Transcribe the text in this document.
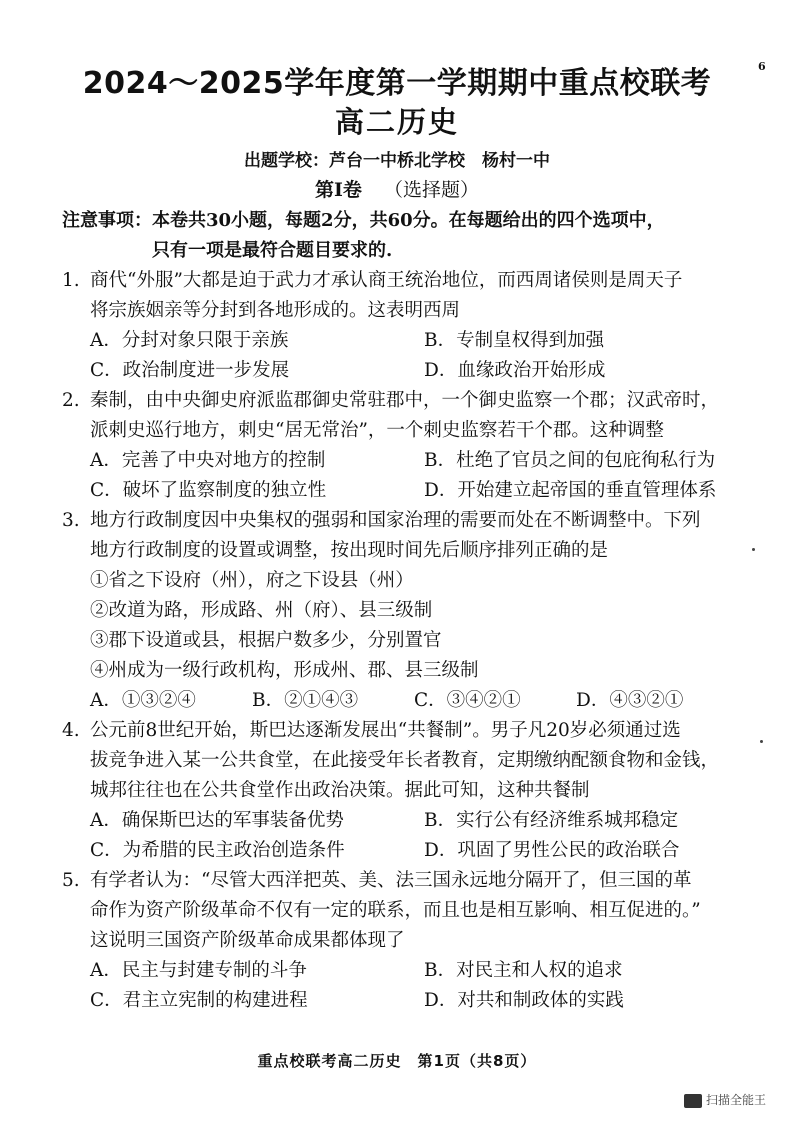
6
2024～2025学年度第一学期期中重点校联考
高二历史
出题学校：芦台一中桥北学校　杨村一中
第Ⅰ卷 （选择题）
注意事项：本卷共30小题，每题2分，共60分。在每题给出的四个选项中，
只有一项是最符合题目要求的.
1. 商代“外服”大都是迫于武力才承认商王统治地位，而西周诸侯则是周天子
将宗族姻亲等分封到各地形成的。这表明西周
A．分封对象只限于亲族	B．专制皇权得到加强
C．政治制度进一步发展	D．血缘政治开始形成
2. 秦制，由中央御史府派监郡御史常驻郡中，一个御史监察一个郡；汉武帝时，
派刺史巡行地方，刺史“居无常治”，一个刺史监察若干个郡。这种调整
A．完善了中央对地方的控制	B．杜绝了官员之间的包庇徇私行为
C．破坏了监察制度的独立性	D．开始建立起帝国的垂直管理体系
3. 地方行政制度因中央集权的强弱和国家治理的需要而处在不断调整中。下列
地方行政制度的设置或调整，按出现时间先后顺序排列正确的是
①省之下设府（州），府之下设县（州）
②改道为路，形成路、州（府）、县三级制
③郡下设道或县，根据户数多少，分别置官
④州成为一级行政机构，形成州、郡、县三级制
A．①③②④	B．②①④③	C．③④②①	D．④③②①
4. 公元前8世纪开始，斯巴达逐渐发展出“共餐制”。男子凡20岁必须通过选
拔竞争进入某一公共食堂，在此接受年长者教育，定期缴纳配额食物和金钱，
城邦往往也在公共食堂作出政治决策。据此可知，这种共餐制
A．确保斯巴达的军事装备优势	B．实行公有经济维系城邦稳定
C．为希腊的民主政治创造条件	D．巩固了男性公民的政治联合
5. 有学者认为：“尽管大西洋把英、美、法三国永远地分隔开了，但三国的革
命作为资产阶级革命不仅有一定的联系，而且也是相互影响、相互促进的。”
这说明三国资产阶级革命成果都体现了
A．民主与封建专制的斗争	B．对民主和人权的追求
C．君主立宪制的构建进程	D．对共和制政体的实践
重点校联考高二历史　第1页（共8页）
扫描全能王
